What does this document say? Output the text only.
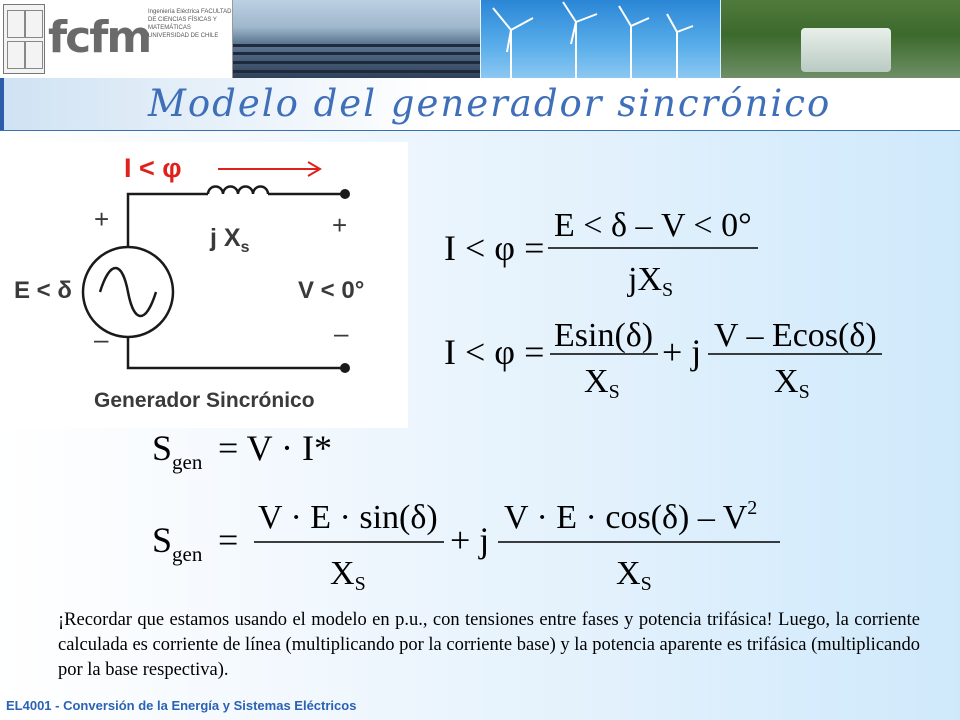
fcfm
Ingeniería Eléctrica FACULTAD DE CIENCIAS FÍSICAS Y MATEMÁTICAS UNIVERSIDAD DE CHILE
Modelo del generador sincrónico
I < φ
+
–
+
–
E < δ	V < 0°
j $X_s$
Generador Sincrónico
I < φ =
E < δ – V < 0°
jXS
I < φ = Esin(δ)
XS
+ j V – Ecos(δ)
XS
$S_{gen} = V \cdot I*$
$S_{gen}$ =
V · E · sin(δ)
XS
+ j
$V \cdot E \cdot \cos(\delta) - V^2$
XS

¡Recordar que estamos usando el modelo en p.u., con tensiones entre fases y potencia trifásica! Luego, la corriente calculada es corriente de línea (multiplicando por la corriente base) y la potencia aparente es trifásica (multiplicando por la base respectiva).

EL4001 - Conversión de la Energía y Sistemas Eléctricos
